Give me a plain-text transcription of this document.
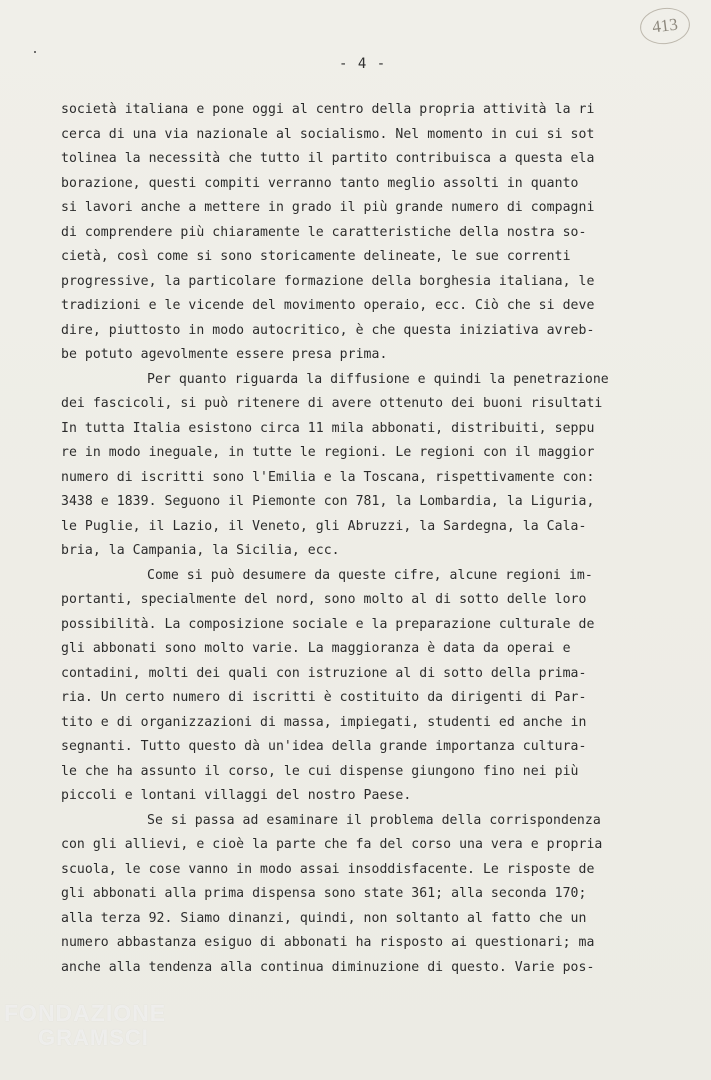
413
- 4 -
società italiana e pone oggi al centro della propria attività la ri
cerca di una via nazionale al socialismo. Nel momento in cui si sot
tolinea la necessità che tutto il partito contribuisca a questa ela
borazione, questi compiti verranno tanto meglio assolti in quanto
si lavori anche a mettere in grado il più grande numero di compagni
di comprendere più chiaramente le caratteristiche della nostra so-
cietà, così come si sono storicamente delineate, le sue correnti
progressive, la particolare formazione della borghesia italiana, le
tradizioni e le vicende del movimento operaio, ecc. Ciò che si deve
dire, piuttosto in modo autocritico, è che questa iniziativa avreb-
be potuto agevolmente essere presa prima.
Per quanto riguarda la diffusione e quindi la penetrazione
dei fascicoli, si può ritenere di avere ottenuto dei buoni risultati
In tutta Italia esistono circa 11 mila abbonati, distribuiti, seppu
re in modo ineguale, in tutte le regioni. Le regioni con il maggior
numero di iscritti sono l'Emilia e la Toscana, rispettivamente con:
3438 e 1839. Seguono il Piemonte con 781, la Lombardia, la Liguria,
le Puglie, il Lazio, il Veneto, gli Abruzzi, la Sardegna, la Cala-
bria, la Campania, la Sicilia, ecc.
Come si può desumere da queste cifre, alcune regioni im-
portanti, specialmente del nord, sono molto al di sotto delle loro
possibilità. La composizione sociale e la preparazione culturale de
gli abbonati sono molto varie. La maggioranza è data da operai e
contadini, molti dei quali con istruzione al di sotto della prima-
ria. Un certo numero di iscritti è costituito da dirigenti di Par-
tito e di organizzazioni di massa, impiegati, studenti ed anche in
segnanti. Tutto questo dà un'idea della grande importanza cultura-
le che ha assunto il corso, le cui dispense giungono fino nei più
piccoli e lontani villaggi del nostro Paese.
Se si passa ad esaminare il problema della corrispondenza
con gli allievi, e cioè la parte che fa del corso una vera e propria
scuola, le cose vanno in modo assai insoddisfacente. Le risposte de
gli abbonati alla prima dispensa sono state 361; alla seconda 170;
alla terza 92. Siamo dinanzi, quindi, non soltanto al fatto che un
numero abbastanza esiguo di abbonati ha risposto ai questionari; ma
anche alla tendenza alla continua diminuzione di questo. Varie pos-
FONDAZIONE
GRAMSCI
